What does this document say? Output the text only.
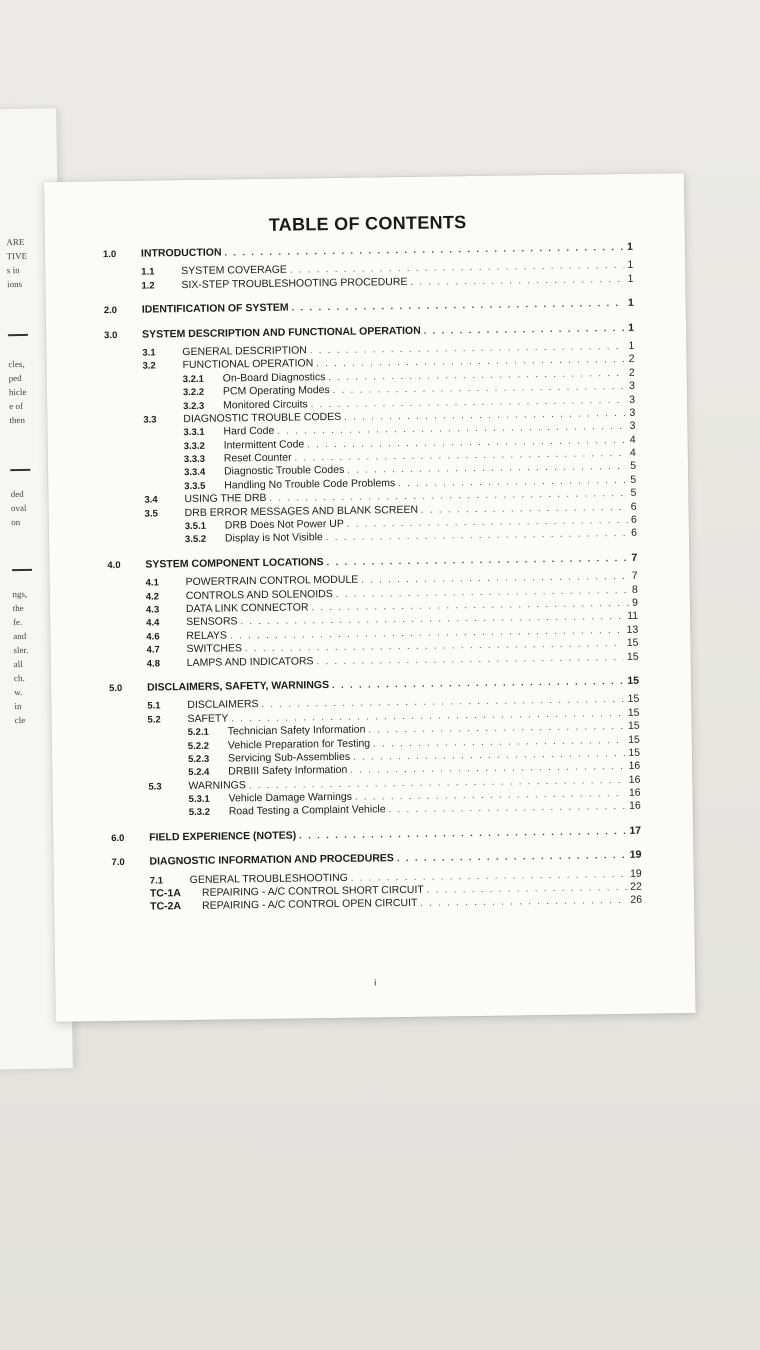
ARE
TIVE
s in
ions
cles,
ped
hicle
e of
then
ded
oval
on
ngs,
the
fe.
and
sler.
all
ch.
w.
in
cle
TABLE OF CONTENTS
1.0	INTRODUCTION . . .	1
1.1	SYSTEM COVERAGE . . .	1
1.2	SIX-STEP TROUBLESHOOTING PROCEDURE . . .	1
2.0	IDENTIFICATION OF SYSTEM . . .	1
3.0	SYSTEM DESCRIPTION AND FUNCTIONAL OPERATION . . .	1
3.1	GENERAL DESCRIPTION . . .	1
3.2	FUNCTIONAL OPERATION . . .	2
3.2.1	On-Board Diagnostics . . .	2
3.2.2	PCM Operating Modes . . .	3
3.2.3	Monitored Circuits . . .	3
3.3	DIAGNOSTIC TROUBLE CODES . . .	3
3.3.1	Hard Code . . .	3
3.3.2	Intermittent Code . . .	4
3.3.3	Reset Counter . . .	4
3.3.4	Diagnostic Trouble Codes . . .	5
3.3.5	Handling No Trouble Code Problems . . .	5
3.4	USING THE DRB . . .	5
3.5	DRB ERROR MESSAGES AND BLANK SCREEN . . .	6
3.5.1	DRB Does Not Power UP . . .	6
3.5.2	Display is Not Visible . . .	6
4.0	SYSTEM COMPONENT LOCATIONS . . .	7
4.1	POWERTRAIN CONTROL MODULE . . .	7
4.2	CONTROLS AND SOLENOIDS . . .	8
4.3	DATA LINK CONNECTOR . . .	9
4.4	SENSORS . . .	11
4.6	RELAYS . . .	13
4.7	SWITCHES . . .	15
4.8	LAMPS AND INDICATORS . . .	15
5.0	DISCLAIMERS, SAFETY, WARNINGS . . .	15
5.1	DISCLAIMERS . . .	15
5.2	SAFETY . . .	15
5.2.1	Technician Safety Information . . .	15
5.2.2	Vehicle Preparation for Testing . . .	15
5.2.3	Servicing Sub-Assemblies . . .	15
5.2.4	DRBIII Safety Information . . .	16
5.3	WARNINGS . . .	16
5.3.1	Vehicle Damage Warnings . . .	16
5.3.2	Road Testing a Complaint Vehicle . . .	16
6.0	FIELD EXPERIENCE (NOTES) . . .	17
7.0	DIAGNOSTIC INFORMATION AND PROCEDURES . . .	19
7.1	GENERAL TROUBLESHOOTING . . .	19
TC-1A	REPAIRING - A/C CONTROL SHORT CIRCUIT . . .	22
TC-2A	REPAIRING - A/C CONTROL OPEN CIRCUIT . . .	26
i
